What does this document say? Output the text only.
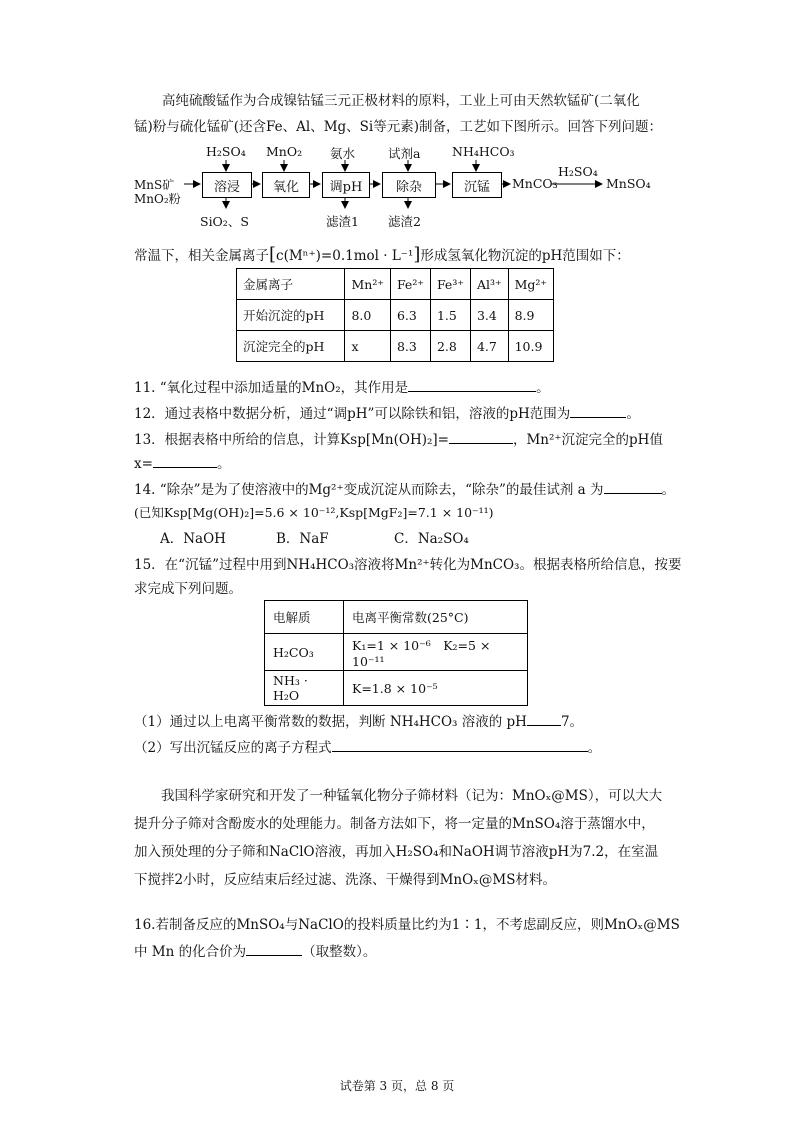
高纯硫酸锰作为合成镍钴锰三元正极材料的原料，工业上可由天然软锰矿(二氧化
锰)粉与硫化锰矿(还含Fe、Al、Mg、Si等元素)制备，工艺如下图所示。回答下列问题：
MnS矿
MnO₂粉
溶浸	氧化	调pH	除杂	沉锰
H₂SO₄ MnO₂ 氨水	试剂a	NH₄HCO₃
SiO₂、S	滤渣1 滤渣2
MnCO₃
H₂SO₄
MnSO₄
常温下，相关金属离子[c(Mⁿ⁺)=0.1mol · L⁻¹]形成氢氧化物沉淀的pH范围如下：
金属离子	Mn²⁺	Fe²⁺	Fe³⁺	Al³⁺	Mg²⁺
开始沉淀的pH	8.0	6.3	1.5	3.4	8.9
沉淀完全的pH	x	8.3	2.8	4.7	10.9
11. “氧化过程中添加适量的MnO₂，其作用是	。
12．通过表格中数据分析，通过“调pH”可以除铁和铝，溶液的pH范围为	。
13．根据表格中所给的信息，计算Ksp[Mn(OH)₂]=	，Mn²⁺沉淀完全的pH值
x=	。
14. “除杂”是为了使溶液中的Mg²⁺变成沉淀从而除去，“除杂”的最佳试剂 a 为	。
(已知Ksp[Mg(OH)₂]=5.6 × 10⁻¹²,Ksp[MgF₂]=7.1 × 10⁻¹¹)
A．NaOH	B．NaF	C．Na₂SO₄
15．在“沉锰”过程中用到NH₄HCO₃溶液将Mn²⁺转化为MnCO₃。根据表格所给信息，按要
求完成下列问题。
电解质	电离平衡常数(25°C)
H₂CO₃	K₁=1 × 10⁻⁶　K₂=5 × 10⁻¹¹
NH₃ · H₂O	K=1.8 × 10⁻⁵
（1）通过以上电离平衡常数的数据，判断 NH₄HCO₃ 溶液的 pH	7。
（2）写出沉锰反应的离子方程式	。
我国科学家研究和开发了一种锰氧化物分子筛材料（记为：MnOₓ@MS），可以大大提升分子筛对含酚废水的处理能力。制备方法如下，将一定量的MnSO₄溶于蒸馏水中，加入预处理的分子筛和NaClO溶液，再加入H₂SO₄和NaOH调节溶液pH为7.2，在室温下搅拌2小时，反应结束后经过滤、洗涤、干燥得到MnOₓ@MS材料。
16.若制备反应的MnSO₄与NaClO的投料质量比约为1∶1，不考虑副反应，则MnOₓ@MS
中 Mn 的化合价为	（取整数）。
试卷第 3 页，总 8 页
